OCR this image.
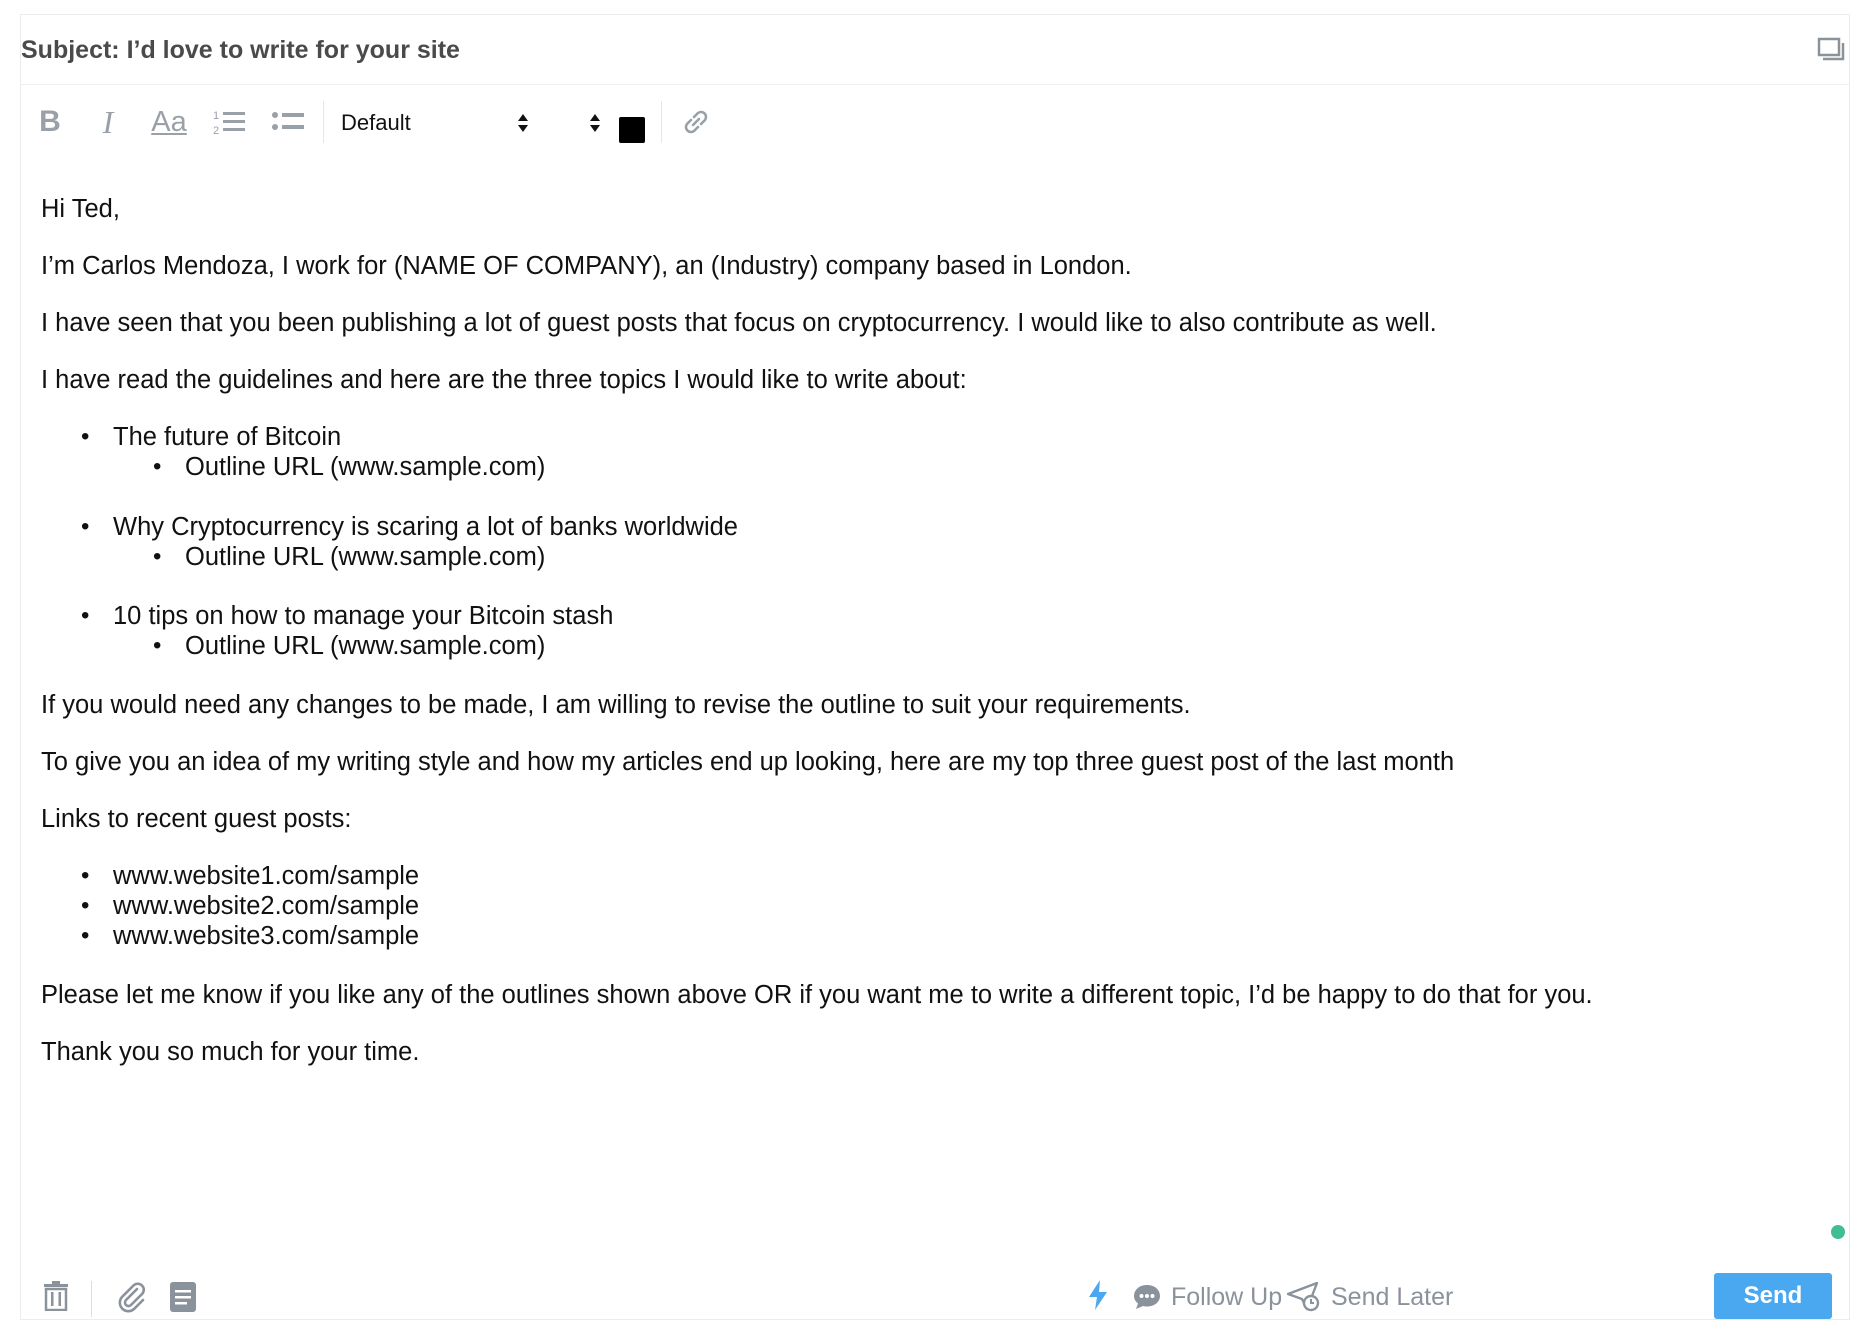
Subject: I’d love to write for your site
B	I	Aa	1
2	Default

Hi Ted,

I’m Carlos Mendoza, I work for (NAME OF COMPANY), an (Industry) company based in London.

I have seen that you been publishing a lot of guest posts that focus on cryptocurrency. I would like to also contribute as well.

I have read the guidelines and here are the three topics I would like to write about:

• The future of Bitcoin
• Outline URL (www.sample.com)
• Why Cryptocurrency is scaring a lot of banks worldwide
• Outline URL (www.sample.com)
• 10 tips on how to manage your Bitcoin stash
• Outline URL (www.sample.com)

If you would need any changes to be made, I am willing to revise the outline to suit your requirements.

To give you an idea of my writing style and how my articles end up looking, here are my top three guest post of the last month

Links to recent guest posts:

• www.website1.com/sample
• www.website2.com/sample
• www.website3.com/sample

Please let me know if you like any of the outlines shown above OR if you want me to write a different topic, I’d be happy to do that for you.

Thank you so much for your time.

Follow Up Send Later	Send
